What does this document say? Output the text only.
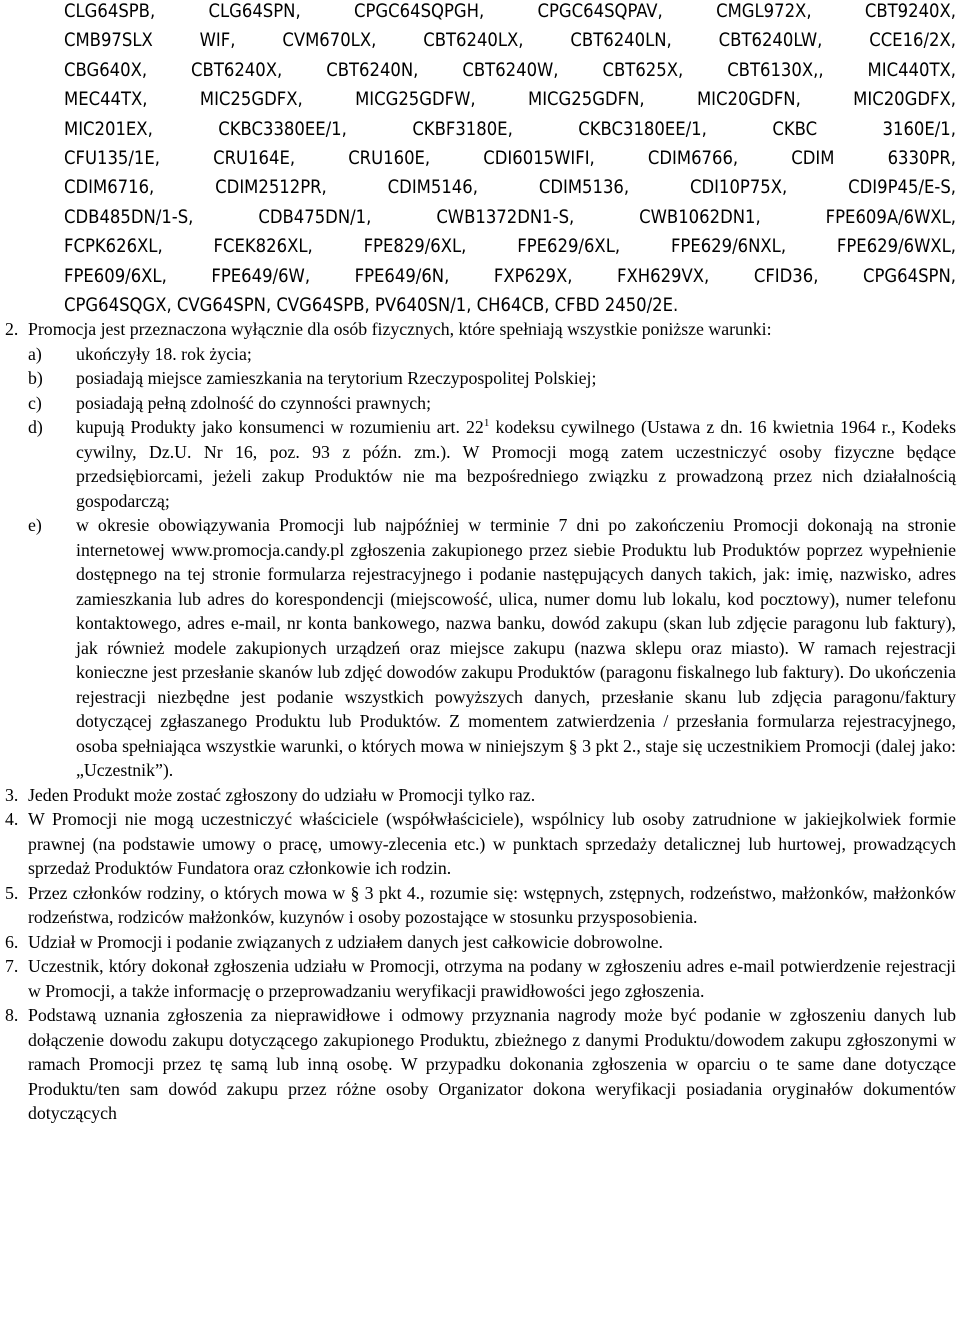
CLG64SPB, CLG64SPN, CPGC64SQPGH, CPGC64SQPAV, CMGL972X, CBT9240X,
CMB97SLX WIF, CVM670LX, CBT6240LX, CBT6240LN, CBT6240LW, CCE16/2X,
CBG640X, CBT6240X, CBT6240N, CBT6240W, CBT625X, CBT6130X,, MIC440TX,
MEC44TX, MIC25GDFX, MICG25GDFW, MICG25GDFN, MIC20GDFN, MIC20GDFX,
MIC201EX, CKBC3380EE/1, CKBF3180E, CKBC3180EE/1, CKBC 3160E/1,
CFU135/1E, CRU164E, CRU160E, CDI6015WIFI, CDIM6766, CDIM 6330PR,
CDIM6716, CDIM2512PR, CDIM5146, CDIM5136, CDI10P75X, CDI9P45/E-S,
CDB485DN/1-S, CDB475DN/1, CWB1372DN1-S, CWB1062DN1, FPE609A/6WXL,
FCPK626XL, FCEK826XL, FPE829/6XL, FPE629/6XL, FPE629/6NXL, FPE629/6WXL,
FPE609/6XL, FPE649/6W, FPE649/6N, FXP629X, FXH629VX, CFID36, CPG64SPN,
CPG64SQGX, CVG64SPN, CVG64SPB, PV640SN/1, CH64CB, CFBD 2450/2E.
2. Promocja jest przeznaczona wyłącznie dla osób fizycznych, które spełniają wszystkie poniższe warunki:
a) ukończyły 18. rok życia;
b) posiadają miejsce zamieszkania na terytorium Rzeczypospolitej Polskiej;
c) posiadają pełną zdolność do czynności prawnych;
d) kupują Produkty jako konsumenci w rozumieniu art. $22^1$ kodeksu cywilnego (Ustawa z dn. 16 kwietnia 1964 r., Kodeks cywilny, Dz.U. Nr 16, poz. 93 z późn. zm.). W Promocji mogą zatem uczestniczyć osoby fizyczne będące przedsiębiorcami, jeżeli zakup Produktów nie ma bezpośredniego związku z prowadzoną przez nich działalnością gospodarczą;
e) w okresie obowiązywania Promocji lub najpóźniej w terminie 7 dni po zakończeniu Promocji dokonają na stronie internetowej www.promocja.candy.pl zgłoszenia zakupionego przez siebie Produktu lub Produktów poprzez wypełnienie dostępnego na tej stronie formularza rejestracyjnego i podanie następujących danych takich, jak: imię, nazwisko, adres zamieszkania lub adres do korespondencji (miejscowość, ulica, numer domu lub lokalu, kod pocztowy), numer telefonu kontaktowego, adres e-mail, nr konta bankowego, nazwa banku, dowód zakupu (skan lub zdjęcie paragonu lub faktury), jak również modele zakupionych urządzeń oraz miejsce zakupu (nazwa sklepu oraz miasto). W ramach rejestracji konieczne jest przesłanie skanów lub zdjęć dowodów zakupu Produktów (paragonu fiskalnego lub faktury). Do ukończenia rejestracji niezbędne jest podanie wszystkich powyższych danych, przesłanie skanu lub zdjęcia paragonu/faktury dotyczącej zgłaszanego Produktu lub Produktów. Z momentem zatwierdzenia / przesłania formularza rejestracyjnego, osoba spełniająca wszystkie warunki, o których mowa w niniejszym § 3 pkt 2., staje się uczestnikiem Promocji (dalej jako: „Uczestnik”).
3. Jeden Produkt może zostać zgłoszony do udziału w Promocji tylko raz.
4. W Promocji nie mogą uczestniczyć właściciele (współwłaściciele), wspólnicy lub osoby zatrudnione w jakiejkolwiek formie prawnej (na podstawie umowy o pracę, umowy-zlecenia etc.) w punktach sprzedaży detalicznej lub hurtowej, prowadzących sprzedaż Produktów Fundatora oraz członkowie ich rodzin.
5. Przez członków rodziny, o których mowa w § 3 pkt 4., rozumie się: wstępnych, zstępnych, rodzeństwo, małżonków, małżonków rodzeństwa, rodziców małżonków, kuzynów i osoby pozostające w stosunku przysposobienia.
6. Udział w Promocji i podanie związanych z udziałem danych jest całkowicie dobrowolne.
7. Uczestnik, który dokonał zgłoszenia udziału w Promocji, otrzyma na podany w zgłoszeniu adres e-mail potwierdzenie rejestracji w Promocji, a także informację o przeprowadzaniu weryfikacji prawidłowości jego zgłoszenia.
8. Podstawą uznania zgłoszenia za nieprawidłowe i odmowy przyznania nagrody może być podanie w zgłoszeniu danych lub dołączenie dowodu zakupu dotyczącego zakupionego Produktu, zbieżnego z danymi Produktu/dowodem zakupu zgłoszonymi w ramach Promocji przez tę samą lub inną osobę. W przypadku dokonania zgłoszenia w oparciu o te same dane dotyczące Produktu/ten sam dowód zakupu przez różne osoby Organizator dokona weryfikacji posiadania oryginałów dokumentów dotyczących
